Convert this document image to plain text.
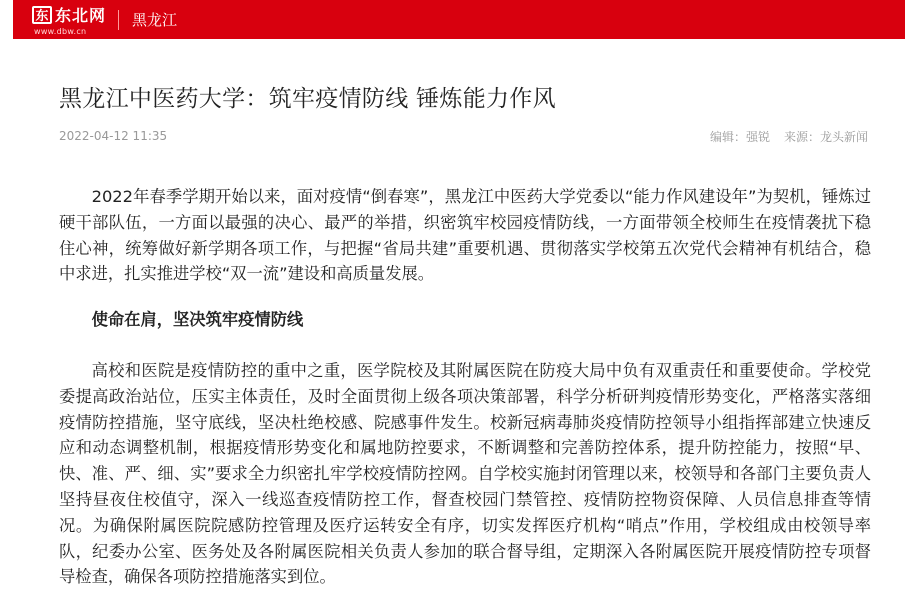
东 东北网
www.dbw.cn
黑龙江
黑龙江中医药大学：筑牢疫情防线 锤炼能力作风
2022-04-12 11:35	编辑：强锐 来源：龙头新闻

2022年春季学期开始以来，面对疫情“倒春寒”，黑龙江中医药大学党委以“能力作风建设年”为契机，锤炼过硬干部队伍，一方面以最强的决心、最严的举措，织密筑牢校园疫情防线，一方面带领全校师生在疫情袭扰下稳住心神，统筹做好新学期各项工作，与把握“省局共建”重要机遇、贯彻落实学校第五次党代会精神有机结合，稳中求进，扎实推进学校“双一流”建设和高质量发展。

使命在肩，坚决筑牢疫情防线

高校和医院是疫情防控的重中之重，医学院校及其附属医院在防疫大局中负有双重责任和重要使命。学校党委提高政治站位，压实主体责任，及时全面贯彻上级各项决策部署，科学分析研判疫情形势变化，严格落实落细疫情防控措施，坚守底线，坚决杜绝校感、院感事件发生。校新冠病毒肺炎疫情防控领导小组指挥部建立快速反应和动态调整机制，根据疫情形势变化和属地防控要求，不断调整和完善防控体系，提升防控能力，按照“早、快、准、严、细、实”要求全力织密扎牢学校疫情防控网。自学校实施封闭管理以来，校领导和各部门主要负责人坚持昼夜住校值守，深入一线巡查疫情防控工作，督查校园门禁管控、疫情防控物资保障、人员信息排查等情况。为确保附属医院院感防控管理及医疗运转安全有序，切实发挥医疗机构“哨点”作用，学校组成由校领导率队，纪委办公室、医务处及各附属医院相关负责人参加的联合督导组，定期深入各附属医院开展疫情防控专项督导检查，确保各项防控措施落实到位。
